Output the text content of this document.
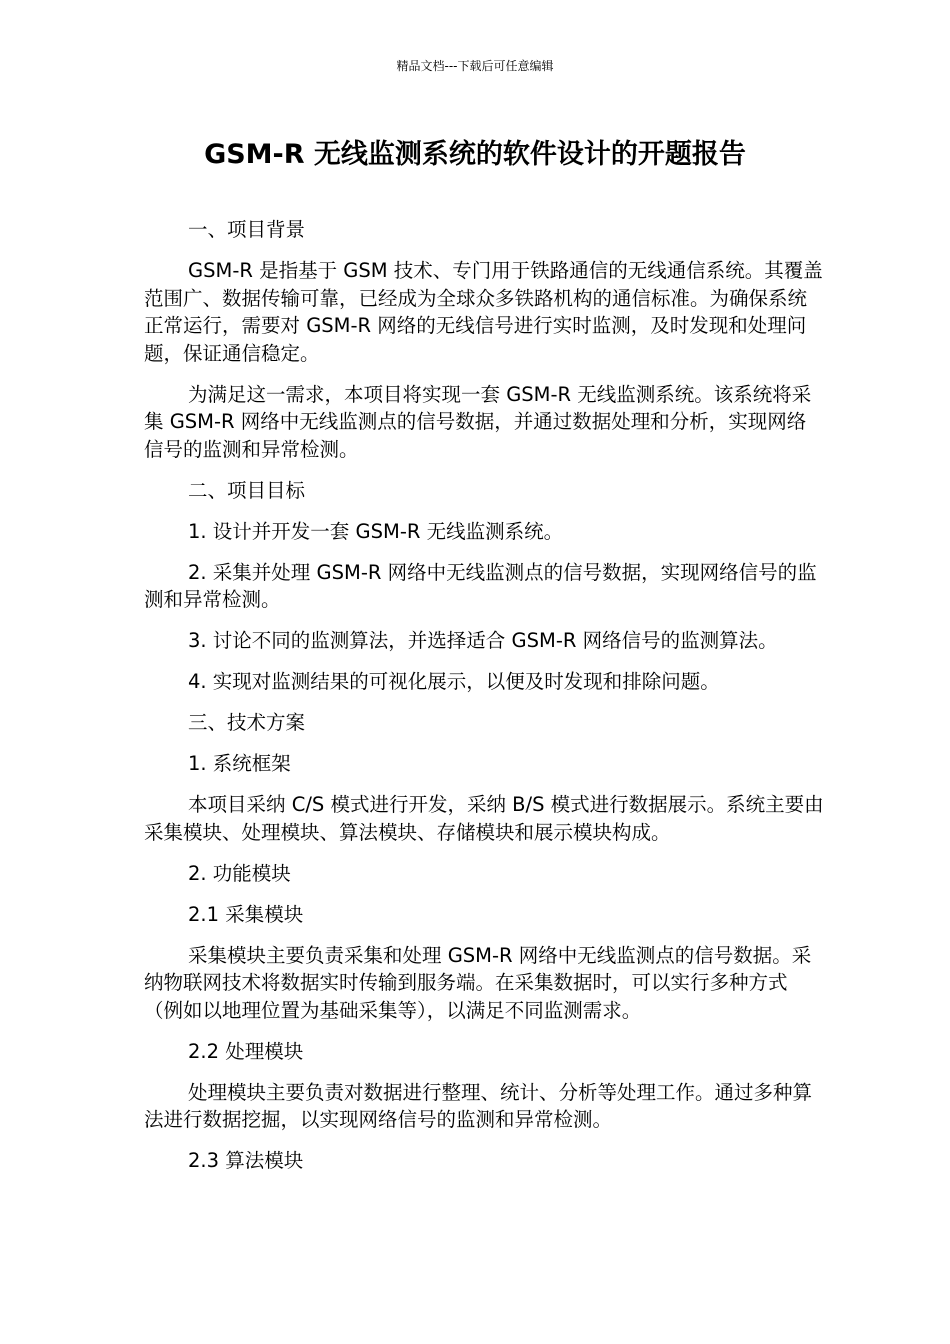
精品文档---下载后可任意编辑
GSM-R 无线监测系统的软件设计的开题报告

一、项目背景

GSM-R 是指基于 GSM 技术、专门用于铁路通信的无线通信系统。其覆盖范围广、数据传输可靠，已经成为全球众多铁路机构的通信标准。为确保系统正常运行，需要对 GSM-R 网络的无线信号进行实时监测，及时发现和处理问题，保证通信稳定。

为满足这一需求，本项目将实现一套 GSM-R 无线监测系统。该系统将采集 GSM-R 网络中无线监测点的信号数据，并通过数据处理和分析，实现网络信号的监测和异常检测。

二、项目目标

1. 设计并开发一套 GSM-R 无线监测系统。

2. 采集并处理 GSM-R 网络中无线监测点的信号数据，实现网络信号的监测和异常检测。

3. 讨论不同的监测算法，并选择适合 GSM-R 网络信号的监测算法。

4. 实现对监测结果的可视化展示，以便及时发现和排除问题。

三、技术方案

1. 系统框架

本项目采纳 C/S 模式进行开发，采纳 B/S 模式进行数据展示。系统主要由采集模块、处理模块、算法模块、存储模块和展示模块构成。

2. 功能模块

2.1 采集模块

采集模块主要负责采集和处理 GSM-R 网络中无线监测点的信号数据。采纳物联网技术将数据实时传输到服务端。在采集数据时，可以实行多种方式（例如以地理位置为基础采集等），以满足不同监测需求。

2.2 处理模块

处理模块主要负责对数据进行整理、统计、分析等处理工作。通过多种算法进行数据挖掘，以实现网络信号的监测和异常检测。

2.3 算法模块
